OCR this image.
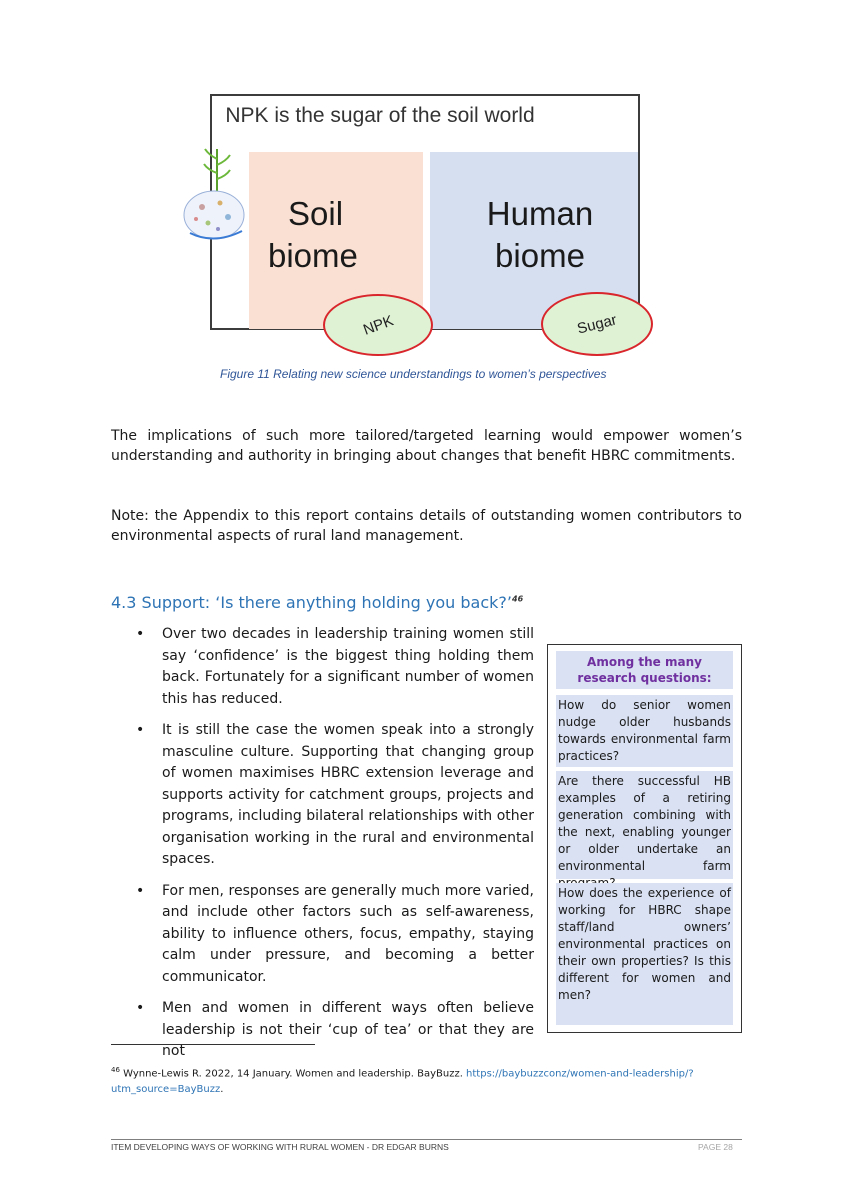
NPK is the sugar of the soil world
Soil
biome
Human
biome
NPK	Sugar
Figure 11 Relating new science understandings to women’s perspectives
The implications of such more tailored/targeted learning would empower women’s understanding and authority in bringing about changes that benefit HBRC commitments.
Note: the Appendix to this report contains details of outstanding women contributors to environmental aspects of rural land management.
4.3 Support: ‘Is there anything holding you back?’$^{46}$
• Over two decades in leadership training women still say ‘confidence’ is the biggest thing holding them back. Fortunately for a significant number of women this has reduced.
• It is still the case the women speak into a strongly masculine culture. Supporting that changing group of women maximises HBRC extension leverage and supports activity for catchment groups, projects and programs, including bilateral relationships with other organisation working in the rural and environmental spaces.
• For men, responses are generally much more varied, and include other factors such as self-awareness, ability to influence others, focus, empathy, staying calm under pressure, and becoming a better communicator.
• Men and women in different ways often believe leadership is not their ‘cup of tea’ or that they are not
Among the many research questions:
How do senior women nudge older husbands towards environmental farm practices?
Are there successful HB examples of a retiring generation combining with the next, enabling younger or older undertake an environmental farm
How does the experience of working for HBRC shape staff/land owners’ environmental practices on their own properties? Is this different for women and men?
$^{46}$ Wynne-Lewis R. 2022, 14 January. Women and leadership. BayBuzz. https://baybuzzconz/women-and-leadership/?utm_source=BayBuzz.
ITEM DEVELOPING WAYS OF WORKING WITH RURAL WOMEN - DR EDGAR BURNS	PAGE 28
